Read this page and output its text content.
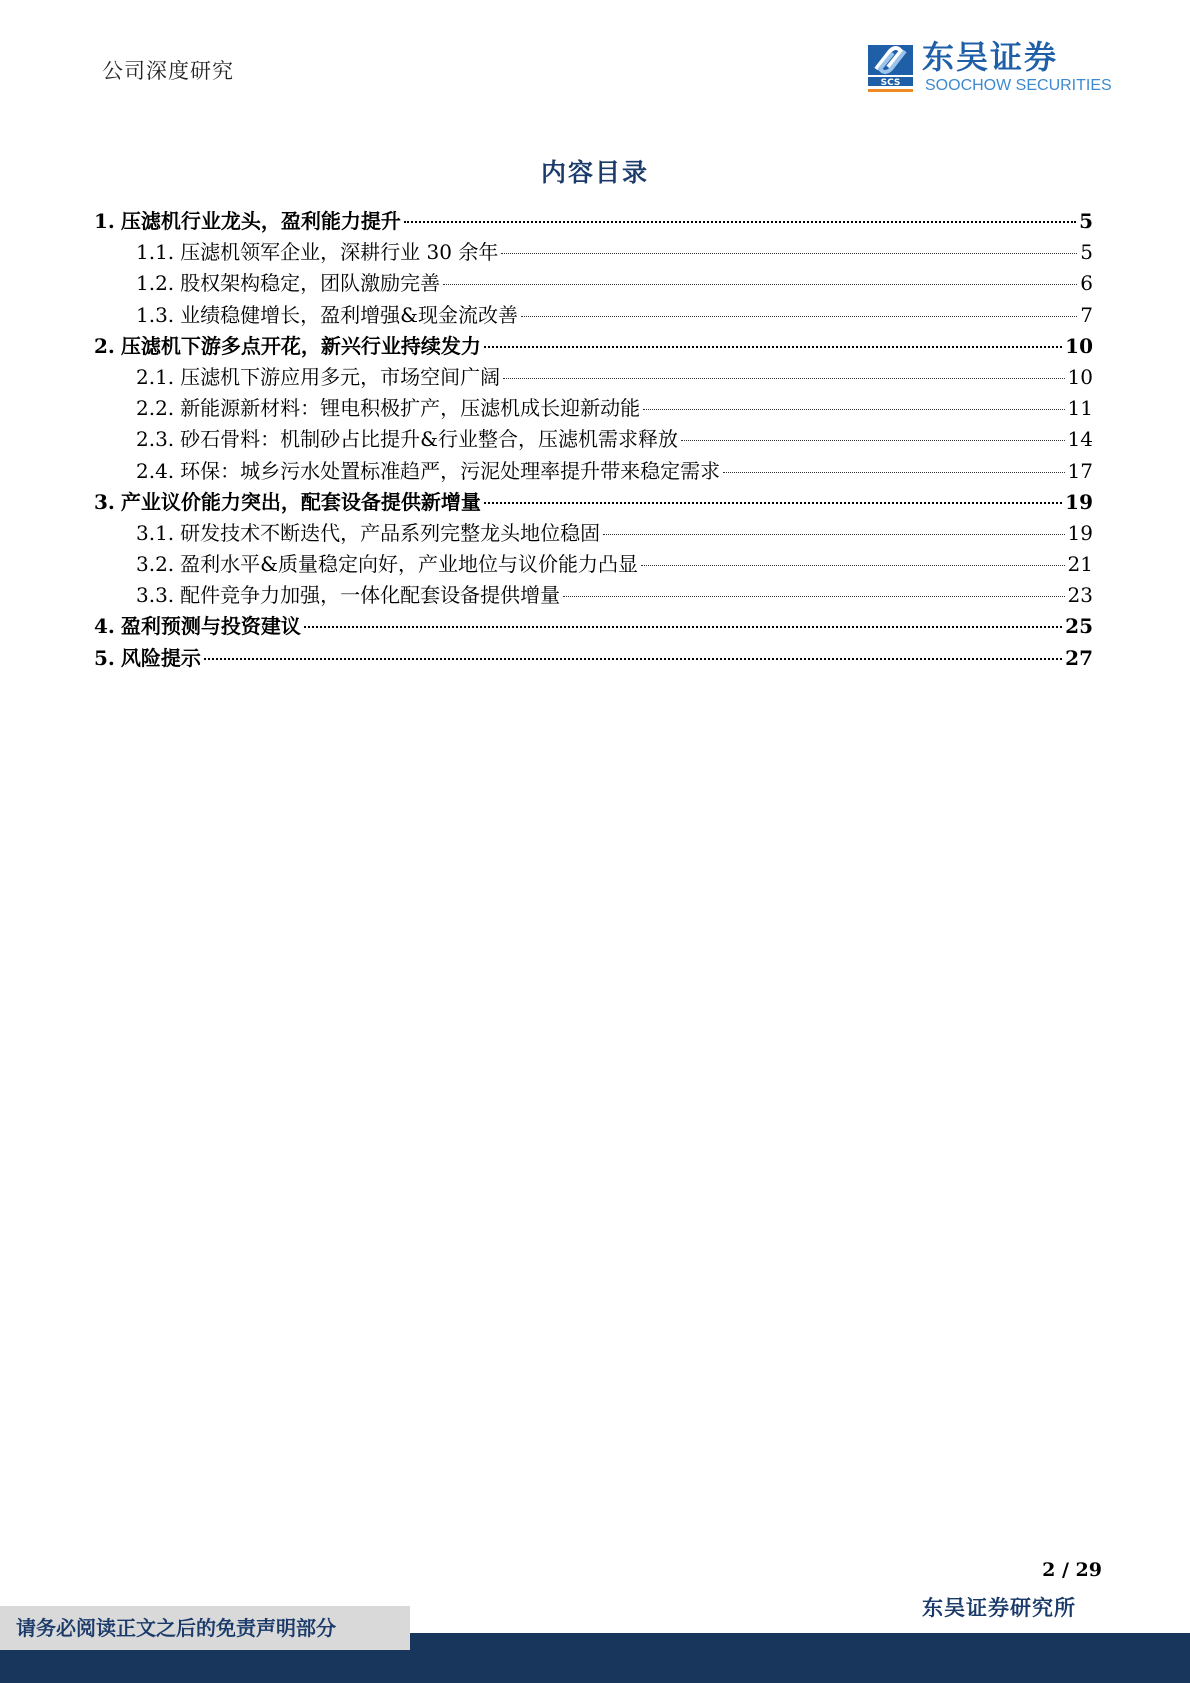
公司深度研究	SCS
东吴证券
SOOCHOW SECURITIES
内容目录
1. 压滤机行业龙头，盈利能力提升	5
1.1. 压滤机领军企业，深耕行业 30 余年	5
1.2. 股权架构稳定，团队激励完善	6
1.3. 业绩稳健增长，盈利增强&现金流改善	7
2. 压滤机下游多点开花，新兴行业持续发力	10
2.1. 压滤机下游应用多元，市场空间广阔	10
2.2. 新能源新材料：锂电积极扩产，压滤机成长迎新动能	11
2.3. 砂石骨料：机制砂占比提升&行业整合，压滤机需求释放	14
2.4. 环保：城乡污水处置标准趋严，污泥处理率提升带来稳定需求	17
3. 产业议价能力突出，配套设备提供新增量	19
3.1. 研发技术不断迭代，产品系列完整龙头地位稳固	19
3.2. 盈利水平&质量稳定向好，产业地位与议价能力凸显	21
3.3. 配件竞争力加强，一体化配套设备提供增量	23
4. 盈利预测与投资建议	25
5. 风险提示	27
2 / 29
东吴证券研究所
请务必阅读正文之后的免责声明部分
